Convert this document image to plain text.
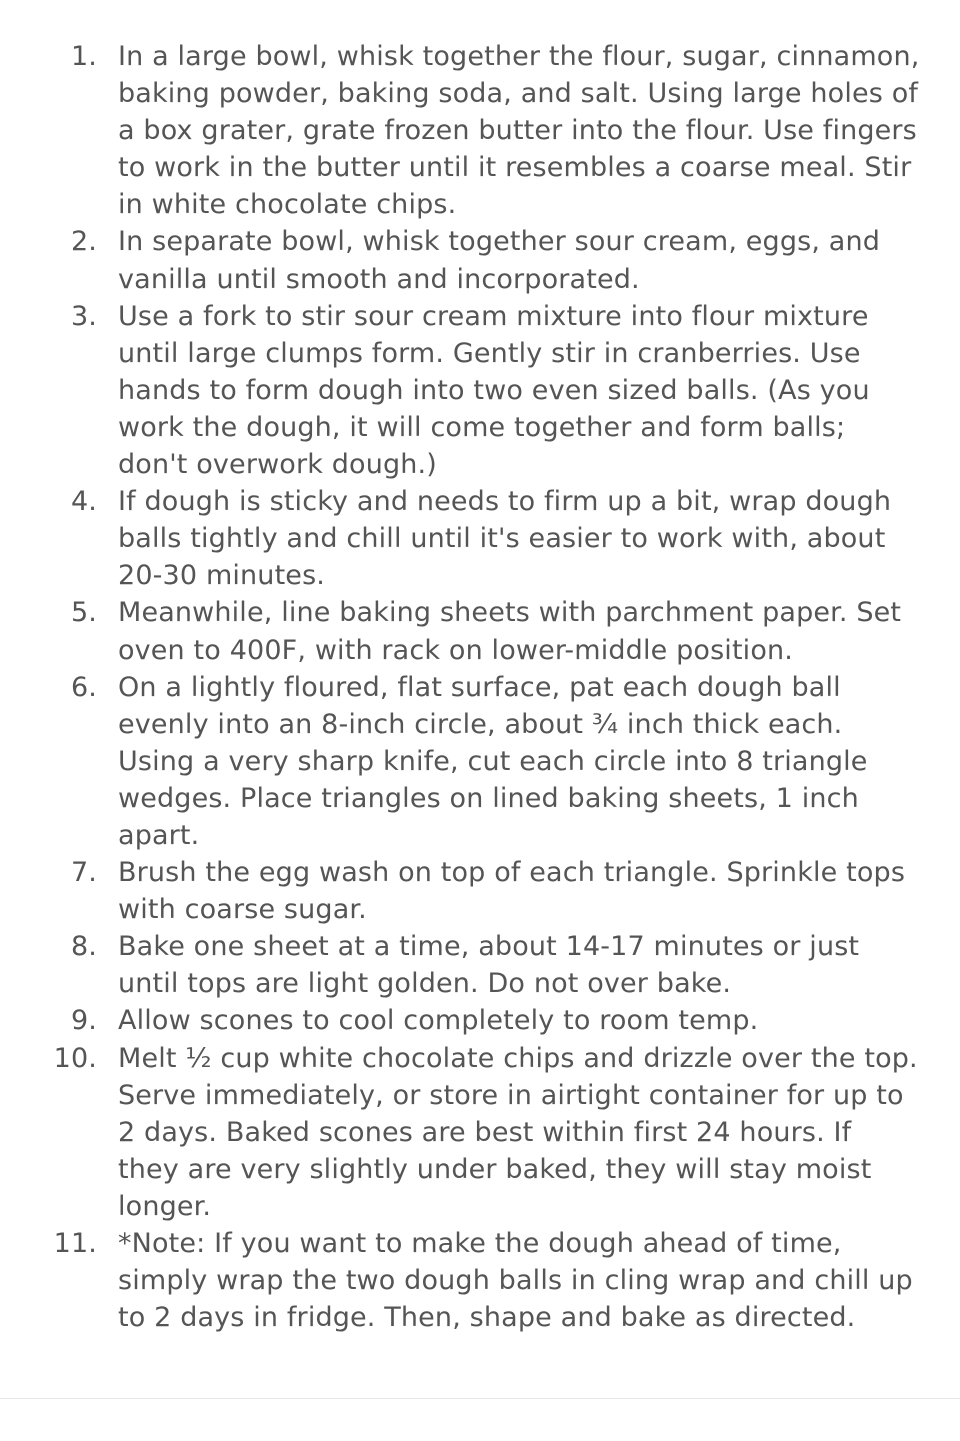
1. In a large bowl, whisk together the flour, sugar, cinnamon, baking powder, baking soda, and salt. Using large holes of a box grater, grate frozen butter into the flour. Use fingers to work in the butter until it resembles a coarse meal. Stir in white chocolate chips.
2. In separate bowl, whisk together sour cream, eggs, and vanilla until smooth and incorporated.
3. Use a fork to stir sour cream mixture into flour mixture until large clumps form. Gently stir in cranberries. Use hands to form dough into two even sized balls. (As you work the dough, it will come together and form balls; don't overwork dough.)
4. If dough is sticky and needs to firm up a bit, wrap dough balls tightly and chill until it's easier to work with, about 20-30 minutes.
5. Meanwhile, line baking sheets with parchment paper. Set oven to 400F, with rack on lower-middle position.
6. On a lightly floured, flat surface, pat each dough ball evenly into an 8-inch circle, about ¾ inch thick each. Using a very sharp knife, cut each circle into 8 triangle wedges. Place triangles on lined baking sheets, 1 inch apart.
7. Brush the egg wash on top of each triangle. Sprinkle tops with coarse sugar.
8. Bake one sheet at a time, about 14-17 minutes or just until tops are light golden. Do not over bake.
9. Allow scones to cool completely to room temp.
10. Melt ½ cup white chocolate chips and drizzle over the top. Serve immediately, or store in airtight container for up to 2 days. Baked scones are best within first 24 hours. If they are very slightly under baked, they will stay moist longer.
11. *Note: If you want to make the dough ahead of time, simply wrap the two dough balls in cling wrap and chill up to 2 days in fridge. Then, shape and bake as directed.
